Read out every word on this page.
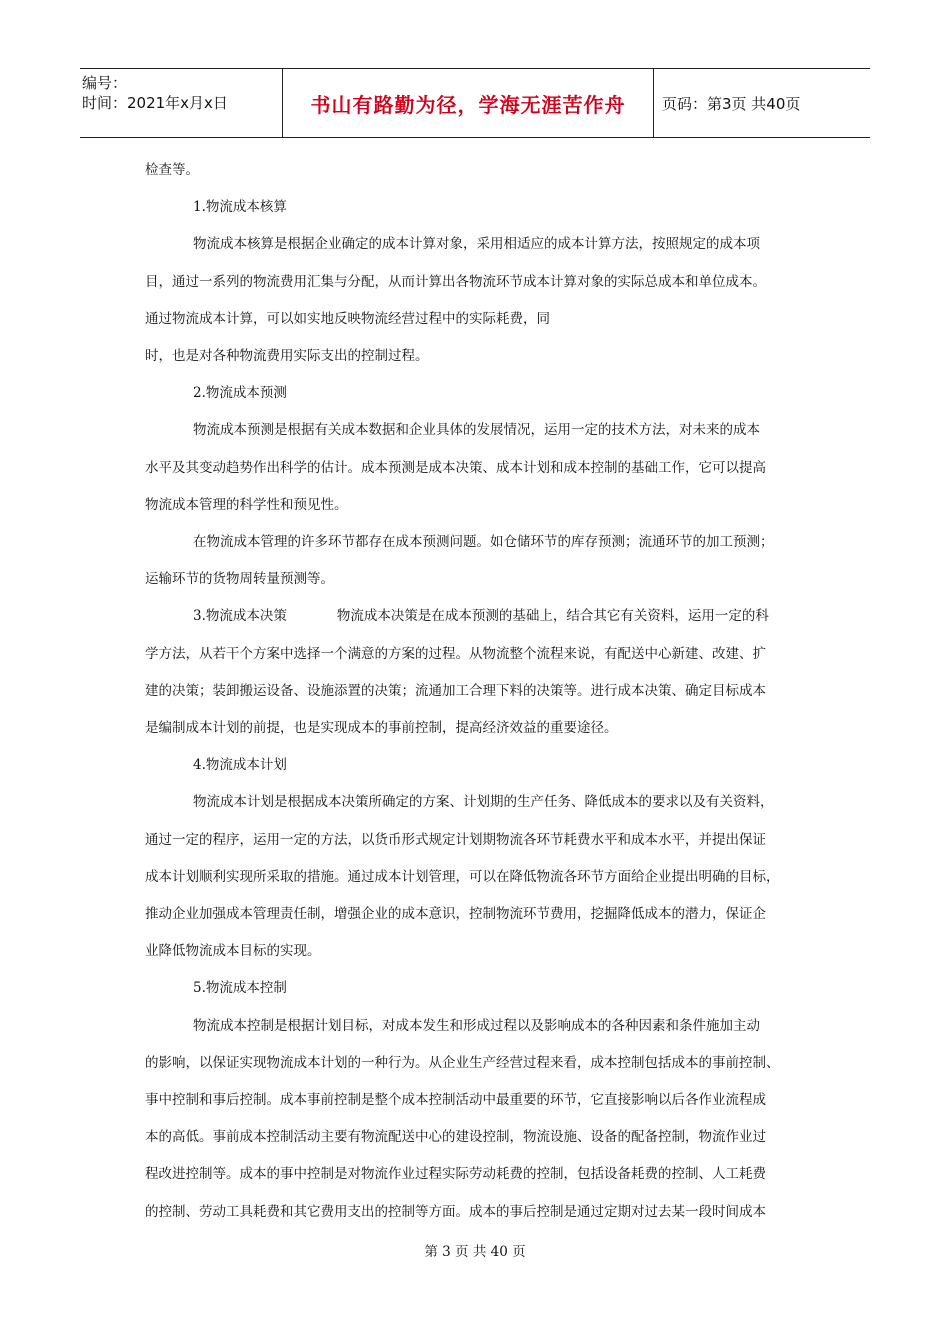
编号：
时间：2021年x月x日	书山有路勤为径，学海无涯苦作舟	页码：第3页 共40页

检查等。

1.物流成本核算

物流成本核算是根据企业确定的成本计算对象，采用相适应的成本计算方法，按照规定的成本项

目，通过一系列的物流费用汇集与分配，从而计算出各物流环节成本计算对象的实际总成本和单位成本。

通过物流成本计算，可以如实地反映物流经营过程中的实际耗费，同

时，也是对各种物流费用实际支出的控制过程。

2.物流成本预测

物流成本预测是根据有关成本数据和企业具体的发展情况，运用一定的技术方法，对未来的成本

水平及其变动趋势作出科学的估计。成本预测是成本决策、成本计划和成本控制的基础工作，它可以提高

物流成本管理的科学性和预见性。

在物流成本管理的许多环节都存在成本预测问题。如仓储环节的库存预测；流通环节的加工预测；

运输环节的货物周转量预测等。

3.物流成本决策	物流成本决策是在成本预测的基础上，结合其它有关资料，运用一定的科

学方法，从若干个方案中选择一个满意的方案的过程。从物流整个流程来说，有配送中心新建、改建、扩

建的决策；装卸搬运设备、设施添置的决策；流通加工合理下料的决策等。进行成本决策、确定目标成本

是编制成本计划的前提，也是实现成本的事前控制，提高经济效益的重要途径。

4.物流成本计划

物流成本计划是根据成本决策所确定的方案、计划期的生产任务、降低成本的要求以及有关资料，

通过一定的程序，运用一定的方法，以货币形式规定计划期物流各环节耗费水平和成本水平，并提出保证

成本计划顺利实现所采取的措施。通过成本计划管理，可以在降低物流各环节方面给企业提出明确的目标，

推动企业加强成本管理责任制，增强企业的成本意识，控制物流环节费用，挖掘降低成本的潜力，保证企

业降低物流成本目标的实现。

5.物流成本控制

物流成本控制是根据计划目标，对成本发生和形成过程以及影响成本的各种因素和条件施加主动

的影响，以保证实现物流成本计划的一种行为。从企业生产经营过程来看，成本控制包括成本的事前控制、

事中控制和事后控制。成本事前控制是整个成本控制活动中最重要的环节，它直接影响以后各作业流程成

本的高低。事前成本控制活动主要有物流配送中心的建设控制，物流设施、设备的配备控制，物流作业过

程改进控制等。成本的事中控制是对物流作业过程实际劳动耗费的控制，包括设备耗费的控制、人工耗费

的控制、劳动工具耗费和其它费用支出的控制等方面。成本的事后控制是通过定期对过去某一段时间成本

第 3 页 共 40 页
